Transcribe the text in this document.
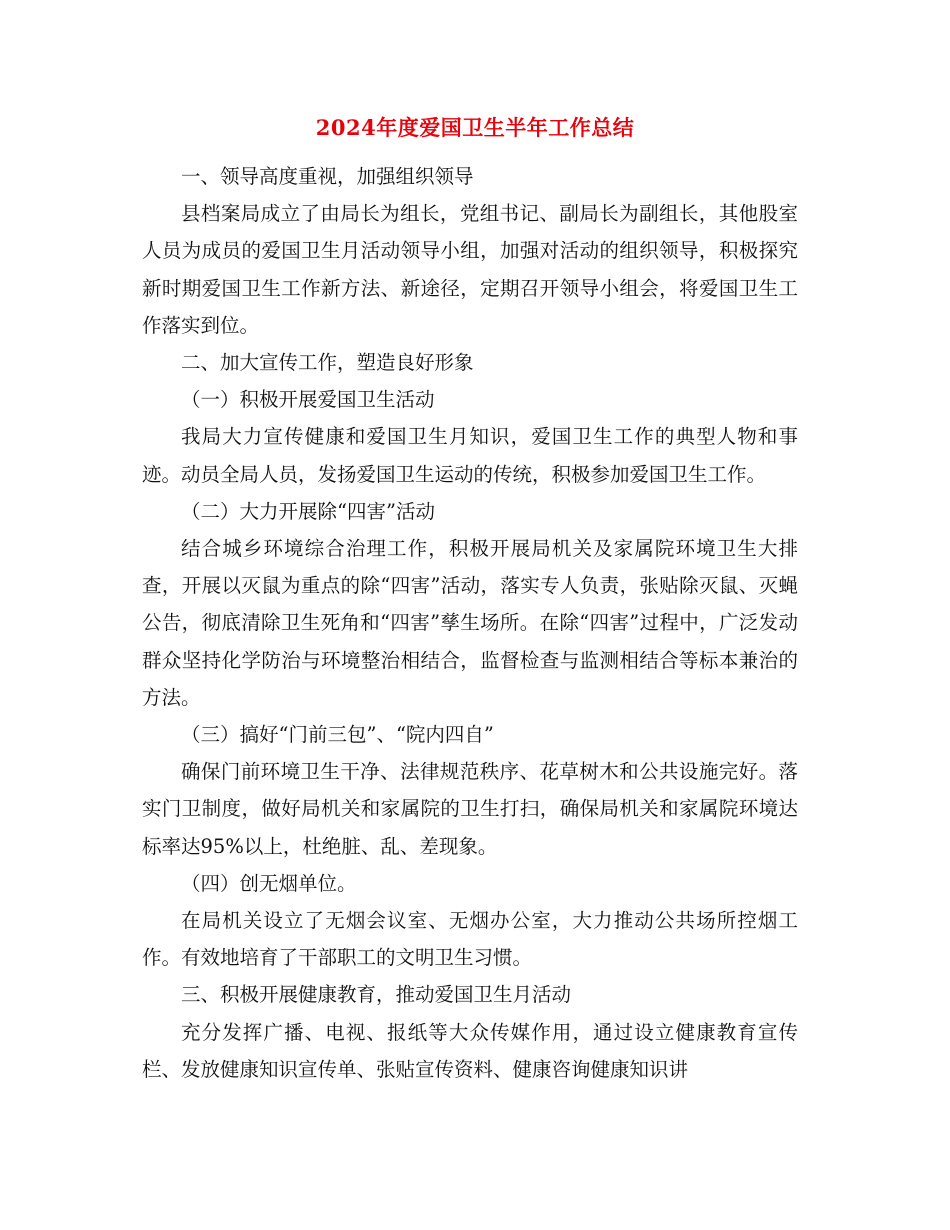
2024年度爱国卫生半年工作总结

一、领导高度重视，加强组织领导

县档案局成立了由局长为组长，党组书记、副局长为副组长，其他股室人员为成员的爱国卫生月活动领导小组，加强对活动的组织领导，积极探究新时期爱国卫生工作新方法、新途径，定期召开领导小组会，将爱国卫生工作落实到位。

二、加大宣传工作，塑造良好形象

（一）积极开展爱国卫生活动

我局大力宣传健康和爱国卫生月知识，爱国卫生工作的典型人物和事迹。动员全局人员，发扬爱国卫生运动的传统，积极参加爱国卫生工作。

（二）大力开展除“四害”活动

结合城乡环境综合治理工作，积极开展局机关及家属院环境卫生大排查，开展以灭鼠为重点的除“四害”活动，落实专人负责，张贴除灭鼠、灭蝇公告，彻底清除卫生死角和“四害”孳生场所。在除“四害”过程中，广泛发动群众坚持化学防治与环境整治相结合，监督检查与监测相结合等标本兼治的方法。

（三）搞好“门前三包”、“院内四自”

确保门前环境卫生干净、法律规范秩序、花草树木和公共设施完好。落实门卫制度，做好局机关和家属院的卫生打扫，确保局机关和家属院环境达标率达95%以上，杜绝脏、乱、差现象。

（四）创无烟单位。

在局机关设立了无烟会议室、无烟办公室，大力推动公共场所控烟工作。有效地培育了干部职工的文明卫生习惯。

三、积极开展健康教育，推动爱国卫生月活动

充分发挥广播、电视、报纸等大众传媒作用，通过设立健康教育宣传栏、发放健康知识宣传单、张贴宣传资料、健康咨询健康知识讲
